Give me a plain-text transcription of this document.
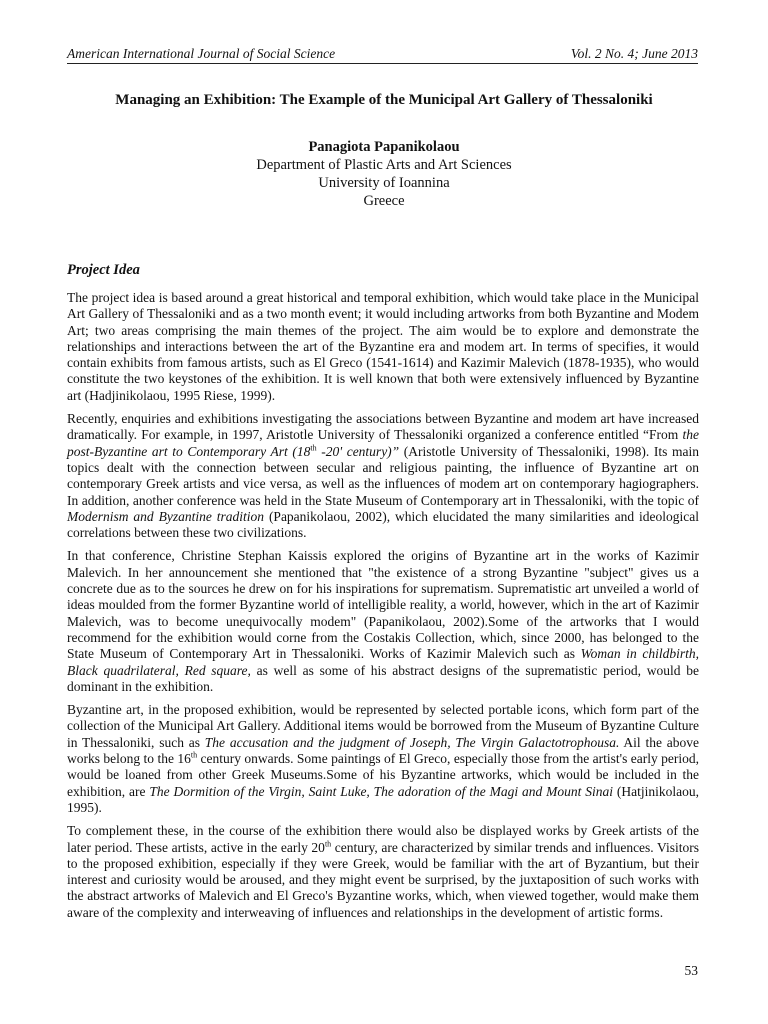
American International Journal of Social Science	Vol. 2 No. 4; June 2013
Managing an Exhibition: The Example of the Municipal Art Gallery of Thessaloniki
Panagiota Papanikolaou
Department of Plastic Arts and Art Sciences
University of Ioannina
Greece
Project Idea

The project idea is based around a great historical and temporal exhibition, which would take place in the Municipal Art Gallery of Thessaloniki and as a two month event; it would including artworks from both Byzantine and Modem Art; two areas comprising the main themes of the project. The aim would be to explore and demonstrate the relationships and interactions between the art of the Byzantine era and modem art. In terms of specifies, it would contain exhibits from famous artists, such as El Greco (1541-1614) and Kazimir Malevich (1878-1935), who would constitute the two keystones of the exhibition. It is well known that both were extensively influenced by Byzantine art (Hadjinikolaou, 1995 Riese, 1999).

Recently, enquiries and exhibitions investigating the associations between Byzantine and modem art have increased dramatically. For example, in 1997, Aristotle University of Thessaloniki organized a conference entitled “From the post-Byzantine art to Contemporary Art (18th -20' century)” (Aristotle University of Thessaloniki, 1998). Its main topics dealt with the connection between secular and religious painting, the influence of Byzantine art on contemporary Greek artists and vice versa, as well as the influences of modem art on contemporary hagiographers. In addition, another conference was held in the State Museum of Contemporary art in Thessaloniki, with the topic of Modernism and Byzantine tradition (Papanikolaou, 2002), which elucidated the many similarities and ideological correlations between these two civilizations.

In that conference, Christine Stephan Kaissis explored the origins of Byzantine art in the works of Kazimir Malevich. In her announcement she mentioned that "the existence of a strong Byzantine "subject" gives us a concrete due as to the sources he drew on for his inspirations for suprematism. Suprematistic art unveiled a world of ideas moulded from the former Byzantine world of intelligible reality, a world, however, which in the art of Kazimir Malevich, was to become unequivocally modem" (Papanikolaou, 2002).Some of the artworks that I would recommend for the exhibition would corne from the Costakis Collection, which, since 2000, has belonged to the State Museum of Contemporary Art in Thessaloniki. Works of Kazimir Malevich such as Woman in childbirth, Black quadrilateral, Red square, as well as some of his abstract designs of the suprematistic period, would be dominant in the exhibition.

Byzantine art, in the proposed exhibition, would be represented by selected portable icons, which form part of the collection of the Municipal Art Gallery. Additional items would be borrowed from the Museum of Byzantine Culture in Thessaloniki, such as The accusation and the judgment of Joseph, The Virgin Galactotrophousa. Ail the above works belong to the 16th century onwards. Some paintings of El Greco, especially those from the artist's early period, would be loaned from other Greek Museums.Some of his Byzantine artworks, which would be included in the exhibition, are The Dormition of the Virgin, Saint Luke, The adoration of the Magi and Mount Sinai (Hatjinikolaou, 1995).

To complement these, in the course of the exhibition there would also be displayed works by Greek artists of the later period. These artists, active in the early 20th century, are characterized by similar trends and influences. Visitors to the proposed exhibition, especially if they were Greek, would be familiar with the art of Byzantium, but their interest and curiosity would be aroused, and they might event be surprised, by the juxtaposition of such works with the abstract artworks of Malevich and El Greco's Byzantine works, which, when viewed together, would make them aware of the complexity and interweaving of influences and relationships in the development of artistic forms.

53
